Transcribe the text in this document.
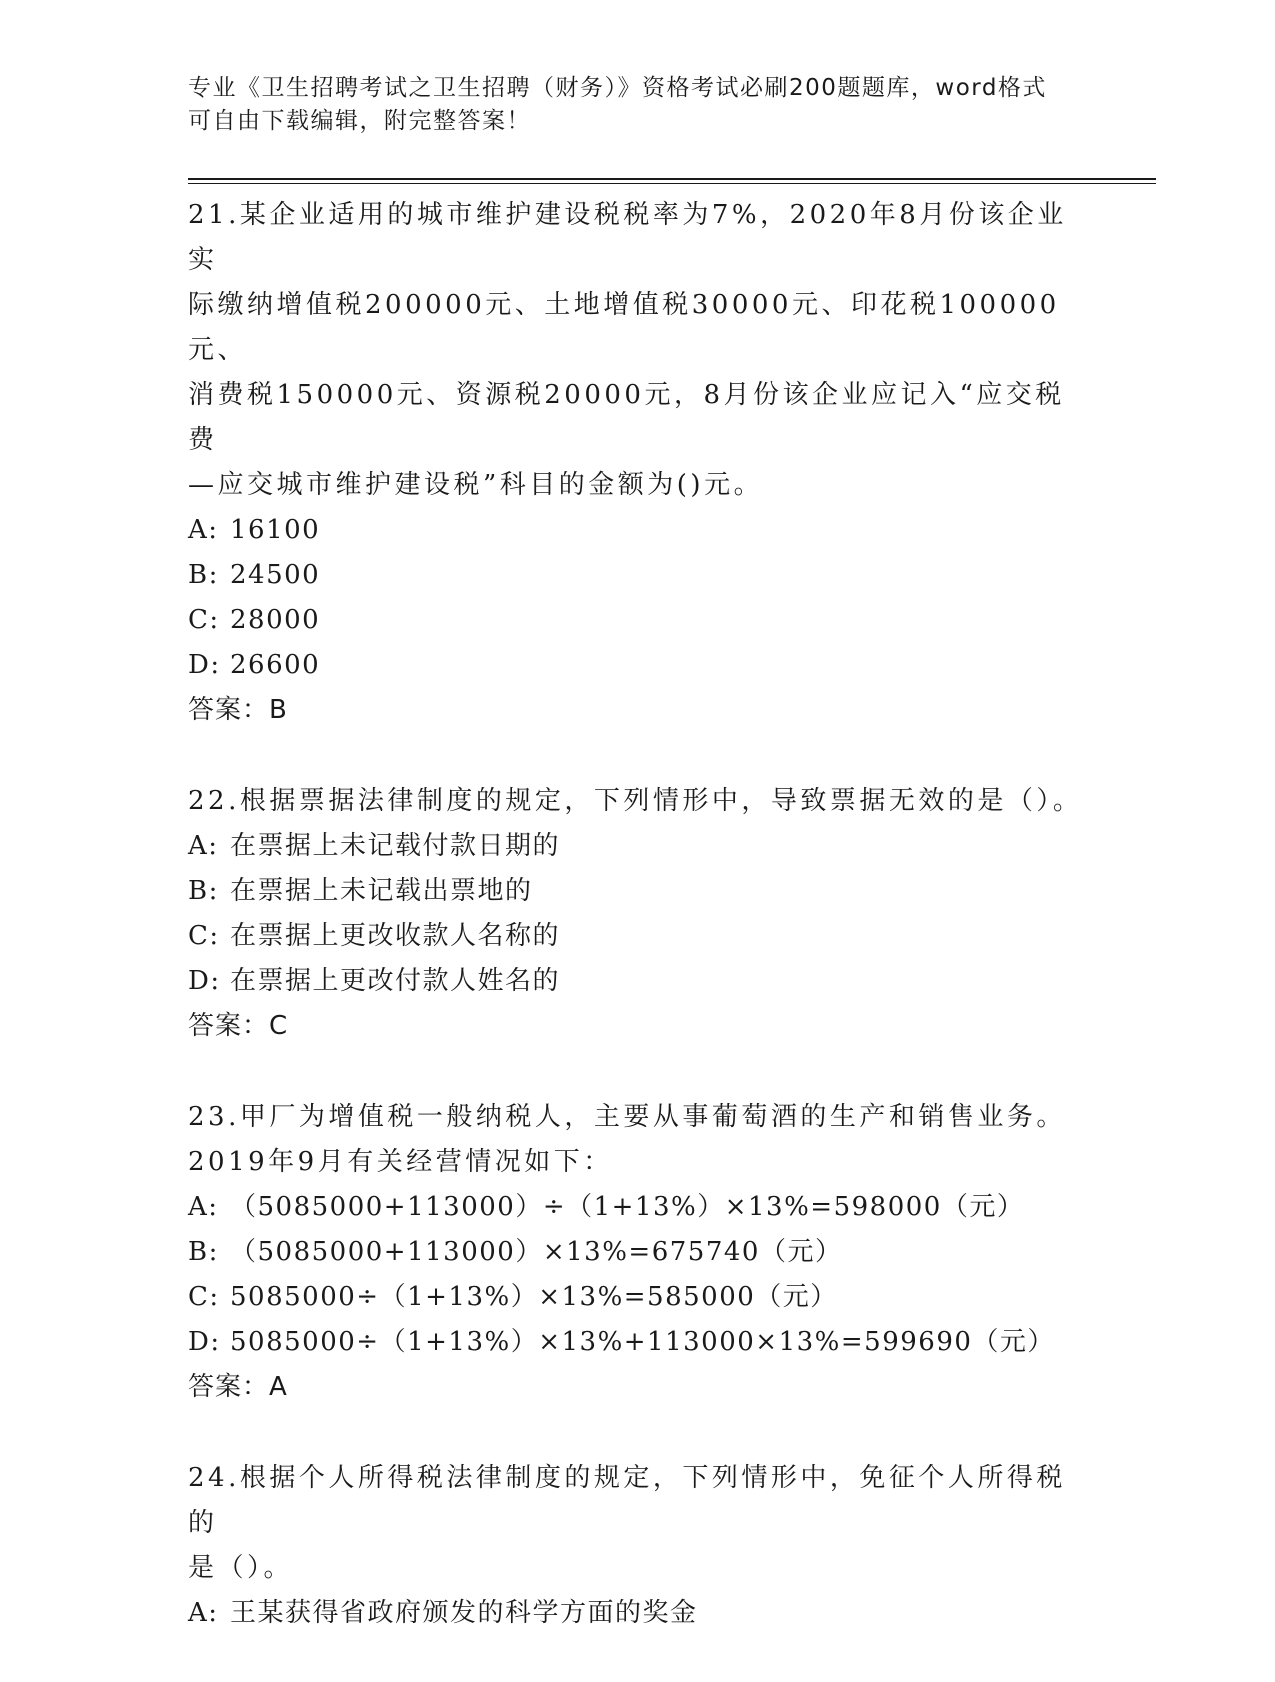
专业《卫生招聘考试之卫生招聘（财务）》资格考试必刷200题题库，word格式
可自由下载编辑，附完整答案！

21.某企业适用的城市维护建设税税率为7%，2020年8月份该企业实

际缴纳增值税200000元、土地增值税30000元、印花税100000元、

消费税150000元、资源税20000元，8月份该企业应记入“应交税费

—应交城市维护建设税”科目的金额为()元。

A: 16100

B: 24500

C: 28000

D: 26600

答案：B

22.根据票据法律制度的规定，下列情形中，导致票据无效的是（）。

A: 在票据上未记载付款日期的

B: 在票据上未记载出票地的

C: 在票据上更改收款人名称的

D: 在票据上更改付款人姓名的

答案：C

23.甲厂为增值税一般纳税人，主要从事葡萄酒的生产和销售业务。

2019年9月有关经营情况如下：

A: （5085000+113000）÷（1+13%）×13%=598000（元）

B: （5085000+113000）×13%=675740（元）

C: 5085000÷（1+13%）×13%=585000（元）

D: 5085000÷（1+13%）×13%+113000×13%=599690（元）

答案：A

24.根据个人所得税法律制度的规定，下列情形中，免征个人所得税的

是（）。

A: 王某获得省政府颁发的科学方面的奖金
